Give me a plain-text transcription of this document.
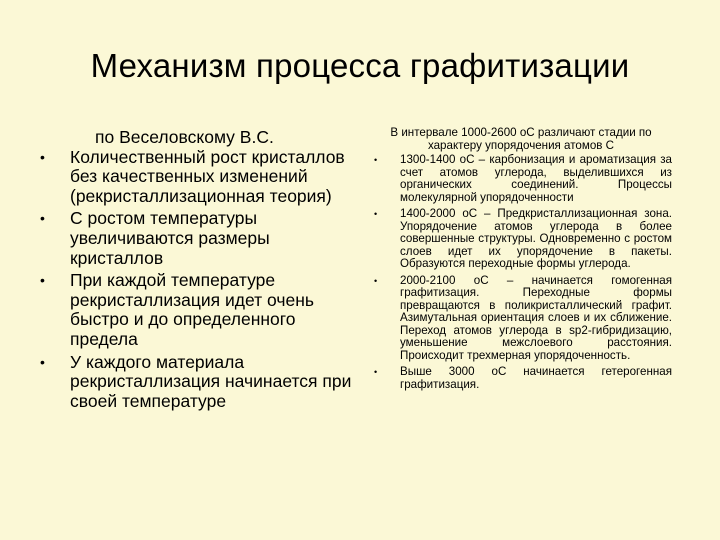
Механизм процесса графитизации
по Веселовскому В.С.
• Количественный рост кристаллов без качественных изменений (рекристаллизационная теория)
• С ростом температуры увеличиваются размеры кристаллов
• При каждой температуре рекристаллизация идет очень быстро и до определенного предела
• У каждого материала рекристаллизация начинается при своей температуре
В интервале 1000-2600 оС различают стадии по характеру упорядочения атомов С
• 1300-1400 оС – карбонизация и ароматизация за счет атомов углерода, выделившихся из органических соединений. Процессы молекулярной упорядоченности
• 1400-2000 оС – Предкристаллизационная зона. Упорядочение атомов углерода в более совершенные структуры. Одновременно с ростом слоев идет их упорядочение в пакеты. Образуются переходные формы углерода.
• 2000-2100 оС – начинается гомогенная графитизация. Переходные формы превращаются в поликристаллический графит. Азимутальная ориентация слоев и их сближение. Переход атомов углерода в sp2-гибридизацию, уменьшение межслоевого расстояния. Происходит трехмерная упорядоченность.
• Выше 3000 оС начинается гетерогенная графитизация.
